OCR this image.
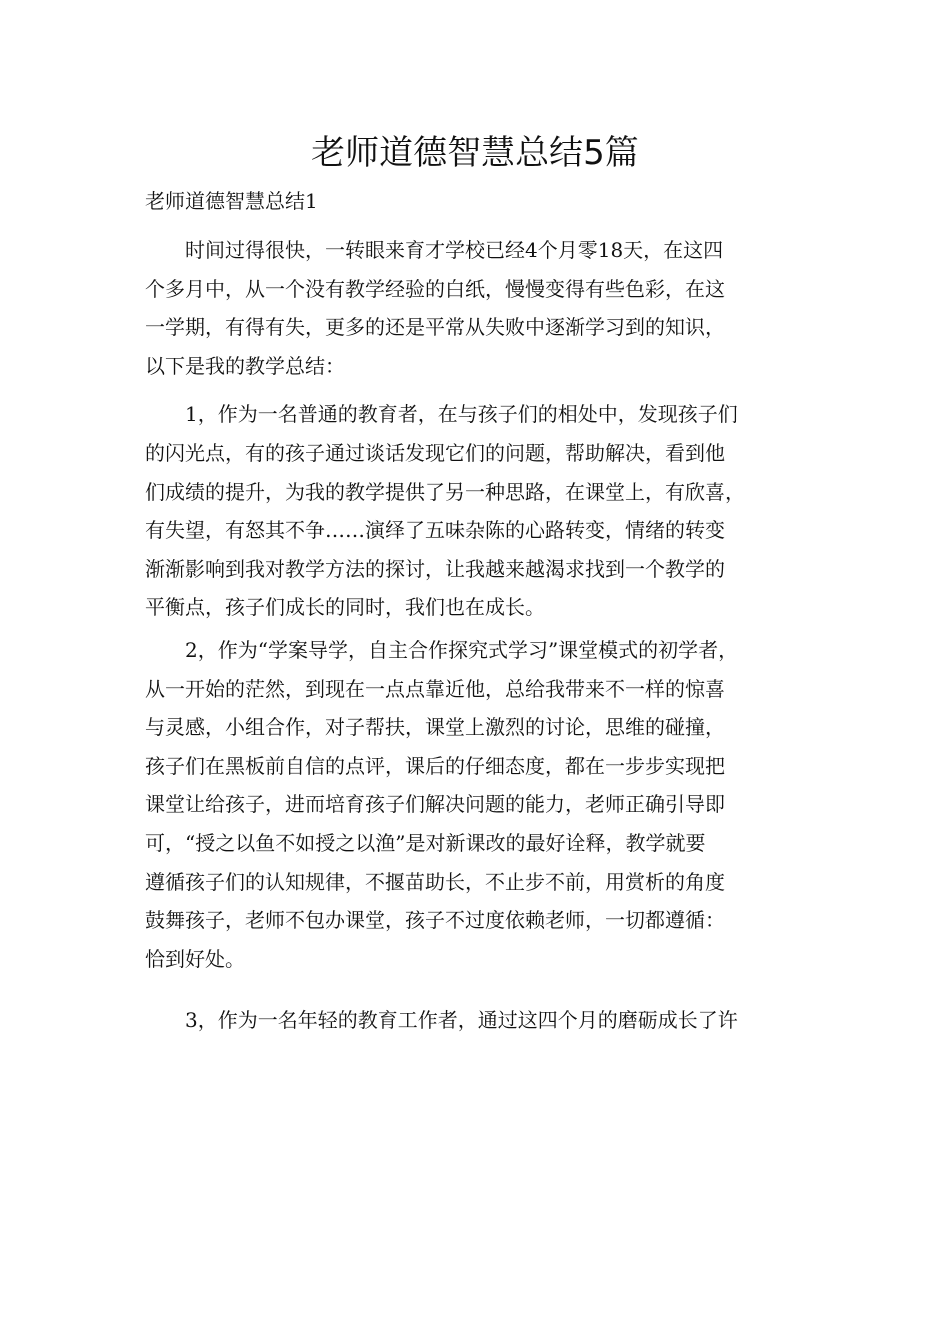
老师道德智慧总结5篇

老师道德智慧总结1

时间过得很快，一转眼来育才学校已经4个月零18天，在这四
个多月中，从一个没有教学经验的白纸，慢慢变得有些色彩，在这
一学期，有得有失，更多的还是平常从失败中逐渐学习到的知识，
以下是我的教学总结：
1，作为一名普通的教育者，在与孩子们的相处中，发现孩子们
的闪光点，有的孩子通过谈话发现它们的问题，帮助解决，看到他
们成绩的提升，为我的教学提供了另一种思路，在课堂上，有欣喜，
有失望，有怒其不争……演绎了五味杂陈的心路转变，情绪的转变
渐渐影响到我对教学方法的探讨，让我越来越渴求找到一个教学的
平衡点，孩子们成长的同时，我们也在成长。
2，作为“学案导学，自主合作探究式学习”课堂模式的初学者，
从一开始的茫然，到现在一点点靠近他，总给我带来不一样的惊喜
与灵感，小组合作，对子帮扶，课堂上激烈的讨论，思维的碰撞，
孩子们在黑板前自信的点评，课后的仔细态度，都在一步步实现把
课堂让给孩子，进而培育孩子们解决问题的能力，老师正确引导即
可，“授之以鱼不如授之以渔”是对新课改的最好诠释，教学就要
遵循孩子们的认知规律，不揠苗助长，不止步不前，用赏析的角度
鼓舞孩子，老师不包办课堂，孩子不过度依赖老师，一切都遵循：
恰到好处。
3，作为一名年轻的教育工作者，通过这四个月的磨砺成长了许
